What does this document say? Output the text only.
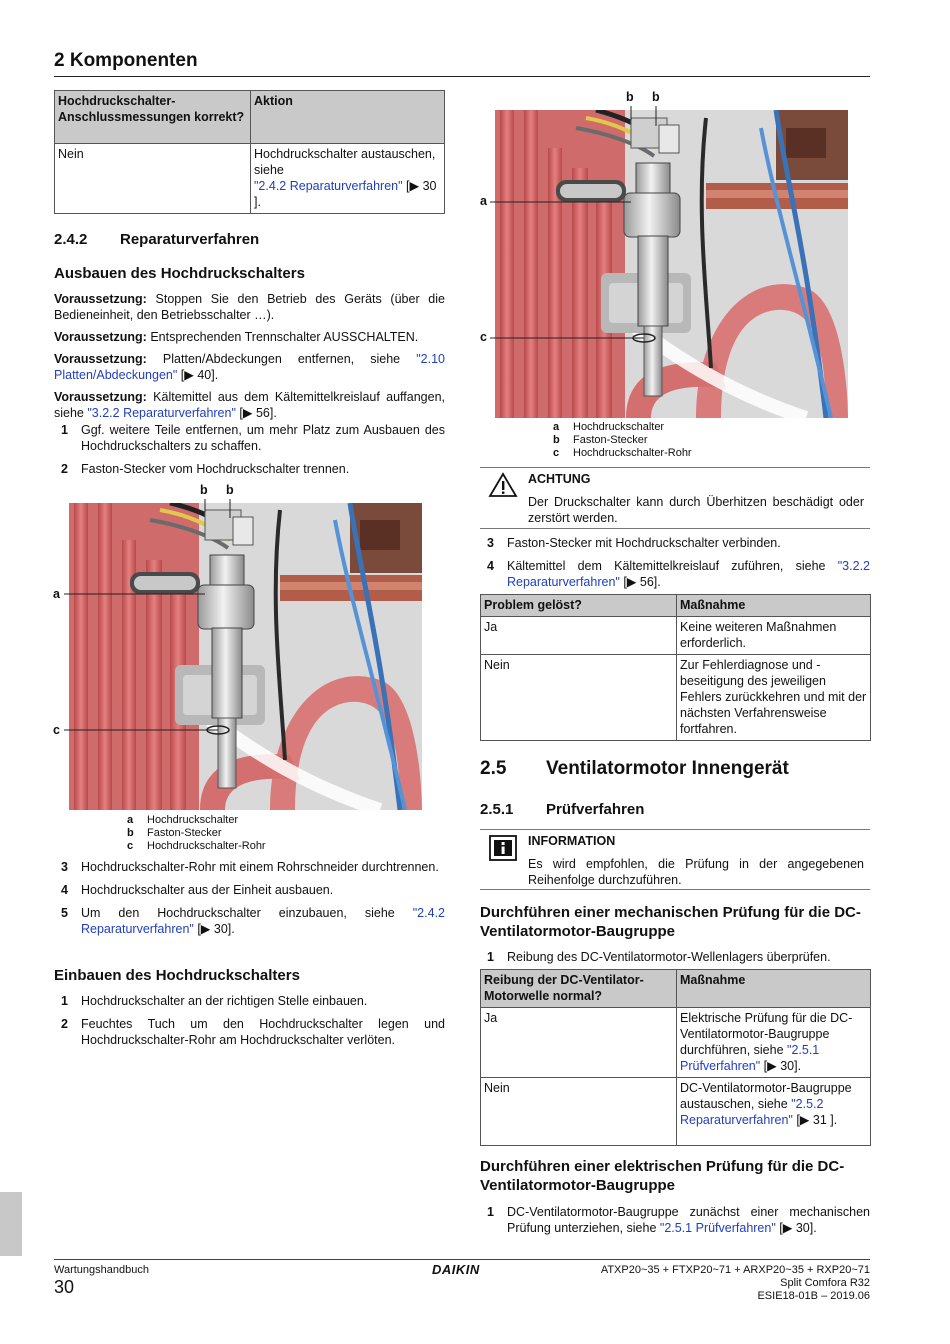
2 Komponenten
Hochdruckschalter-Anschlussmessungen korrekt?	Aktion
Nein	Hochdruckschalter austauschen, siehe
"2.4.2 Reparaturverfahren" [▶ 30 ].
2.4.2 Reparaturverfahren
Ausbauen des Hochdruckschalters

Voraussetzung: Stoppen Sie den Betrieb des Geräts (über die Bedieneinheit, den Betriebsschalter …).

Voraussetzung: Entsprechenden Trennschalter AUSSCHALTEN.

Voraussetzung: Platten/Abdeckungen entfernen, siehe "2.10 Platten/Abdeckungen" [▶ 40].

Voraussetzung: Kältemittel aus dem Kältemittelkreislauf auffangen, siehe "3.2.2 Reparaturverfahren" [▶ 56].

1	Ggf. weitere Teile entfernen, um mehr Platz zum Ausbauen des Hochdruckschalters zu schaffen.
2	Faston-Stecker vom Hochdruckschalter trennen.
b b
a
c
a	Hochdruckschalter
b	Faston-Stecker
c	Hochdruckschalter-Rohr
3	Hochdruckschalter-Rohr mit einem Rohrschneider durchtrennen.
4	Hochdruckschalter aus der Einheit ausbauen.
5	Um den Hochdruckschalter einzubauen, siehe "2.4.2 Reparaturverfahren" [▶ 30].
Einbauen des Hochdruckschalters
1	Hochdruckschalter an der richtigen Stelle einbauen.
2	Feuchtes Tuch um den Hochdruckschalter legen und Hochdruckschalter-Rohr am Hochdruckschalter verlöten.
b b
a
c
a	Hochdruckschalter
b	Faston-Stecker
c	Hochdruckschalter-Rohr
ACHTUNG
Der Druckschalter kann durch Überhitzen beschädigt oder zerstört werden.
3	Faston-Stecker mit Hochdruckschalter verbinden.
4	Kältemittel dem Kältemittelkreislauf zuführen, siehe "3.2.2 Reparaturverfahren" [▶ 56].
Problem gelöst?	Maßnahme
Ja	Keine weiteren Maßnahmen erforderlich.
Nein	Zur Fehlerdiagnose und -beseitigung des jeweiligen Fehlers zurückkehren und mit der nächsten Verfahrensweise fortfahren.
2.5 Ventilatormotor Innengerät
2.5.1 Prüfverfahren
INFORMATION
Es wird empfohlen, die Prüfung in der angegebenen Reihenfolge durchzuführen.
Durchführen einer mechanischen Prüfung für die DC-Ventilatormotor-Baugruppe
1	Reibung des DC-Ventilatormotor-Wellenlagers überprüfen.
Reibung der DC-Ventilator-Motorwelle normal?	Maßnahme
Ja	Elektrische Prüfung für die DC-Ventilatormotor-Baugruppe durchführen, siehe "2.5.1 Prüfverfahren" [▶ 30].
Nein	DC-Ventilatormotor-Baugruppe austauschen, siehe "2.5.2 Reparaturverfahren" [▶ 31 ].
Durchführen einer elektrischen Prüfung für die DC-Ventilatormotor-Baugruppe
1	DC-Ventilatormotor-Baugruppe zunächst einer mechanischen Prüfung unterziehen, siehe "2.5.1 Prüfverfahren" [▶ 30].
Wartungshandbuch
30
DAIKIN	ATXP20~35 + FTXP20~71 + ARXP20~35 + RXP20~71
Split Comfora R32
ESIE18-01B – 2019.06
